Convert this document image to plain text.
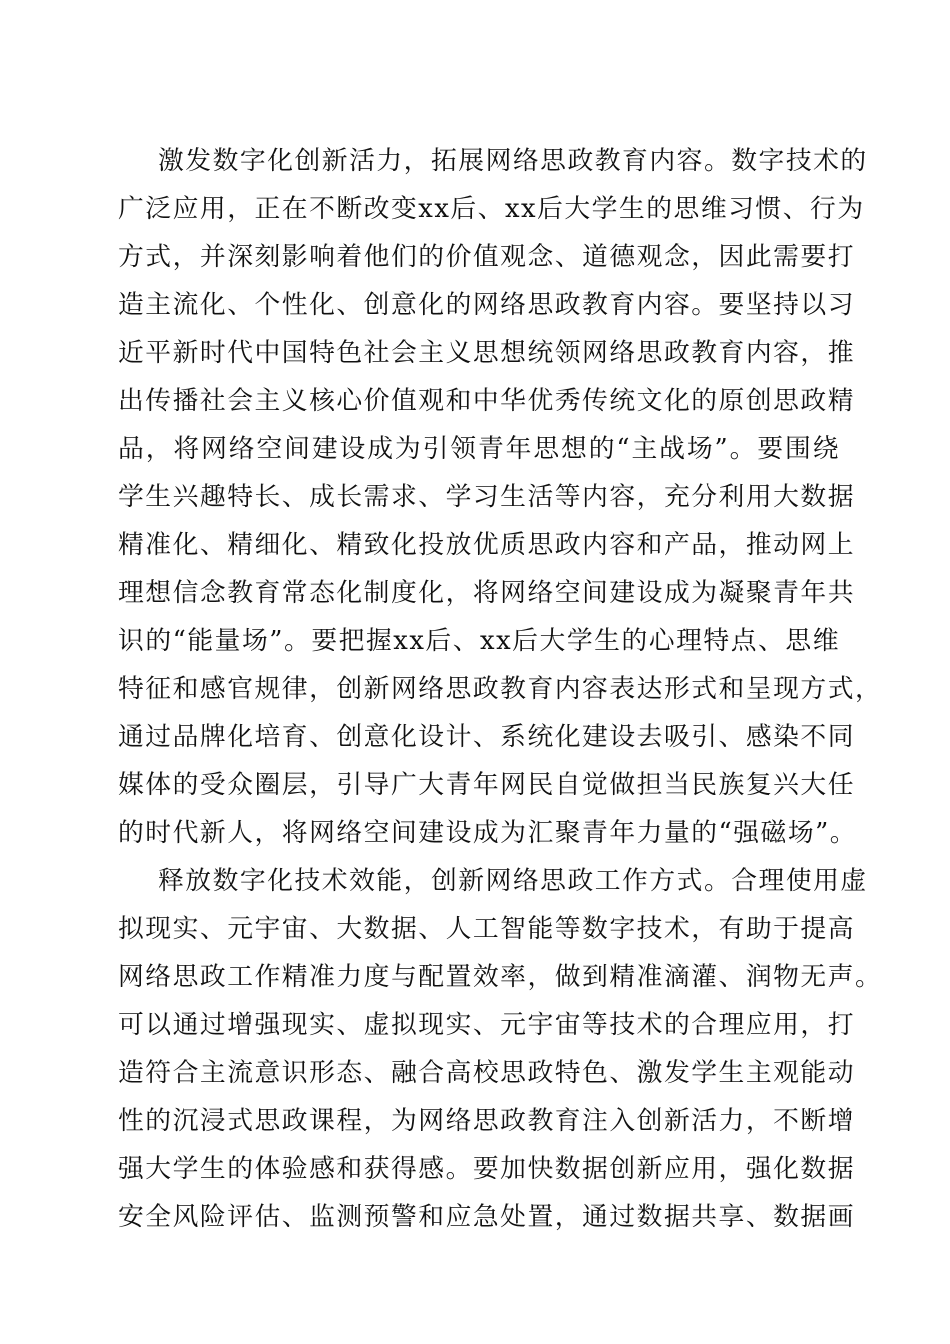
激发数字化创新活力，拓展网络思政教育内容。数字技术的
广泛应用，正在不断改变xx后、xx后大学生的思维习惯、行为
方式，并深刻影响着他们的价值观念、道德观念，因此需要打
造主流化、个性化、创意化的网络思政教育内容。要坚持以习
近平新时代中国特色社会主义思想统领网络思政教育内容，推
出传播社会主义核心价值观和中华优秀传统文化的原创思政精
品，将网络空间建设成为引领青年思想的“主战场”。要围绕
学生兴趣特长、成长需求、学习生活等内容，充分利用大数据
精准化、精细化、精致化投放优质思政内容和产品，推动网上
理想信念教育常态化制度化，将网络空间建设成为凝聚青年共
识的“能量场”。要把握xx后、xx后大学生的心理特点、思维
特征和感官规律，创新网络思政教育内容表达形式和呈现方式，
通过品牌化培育、创意化设计、系统化建设去吸引、感染不同
媒体的受众圈层，引导广大青年网民自觉做担当民族复兴大任
的时代新人，将网络空间建设成为汇聚青年力量的“强磁场”。
释放数字化技术效能，创新网络思政工作方式。合理使用虚
拟现实、元宇宙、大数据、人工智能等数字技术，有助于提高
网络思政工作精准力度与配置效率，做到精准滴灌、润物无声。
可以通过增强现实、虚拟现实、元宇宙等技术的合理应用，打
造符合主流意识形态、融合高校思政特色、激发学生主观能动
性的沉浸式思政课程，为网络思政教育注入创新活力，不断增
强大学生的体验感和获得感。要加快数据创新应用，强化数据
安全风险评估、监测预警和应急处置，通过数据共享、数据画
